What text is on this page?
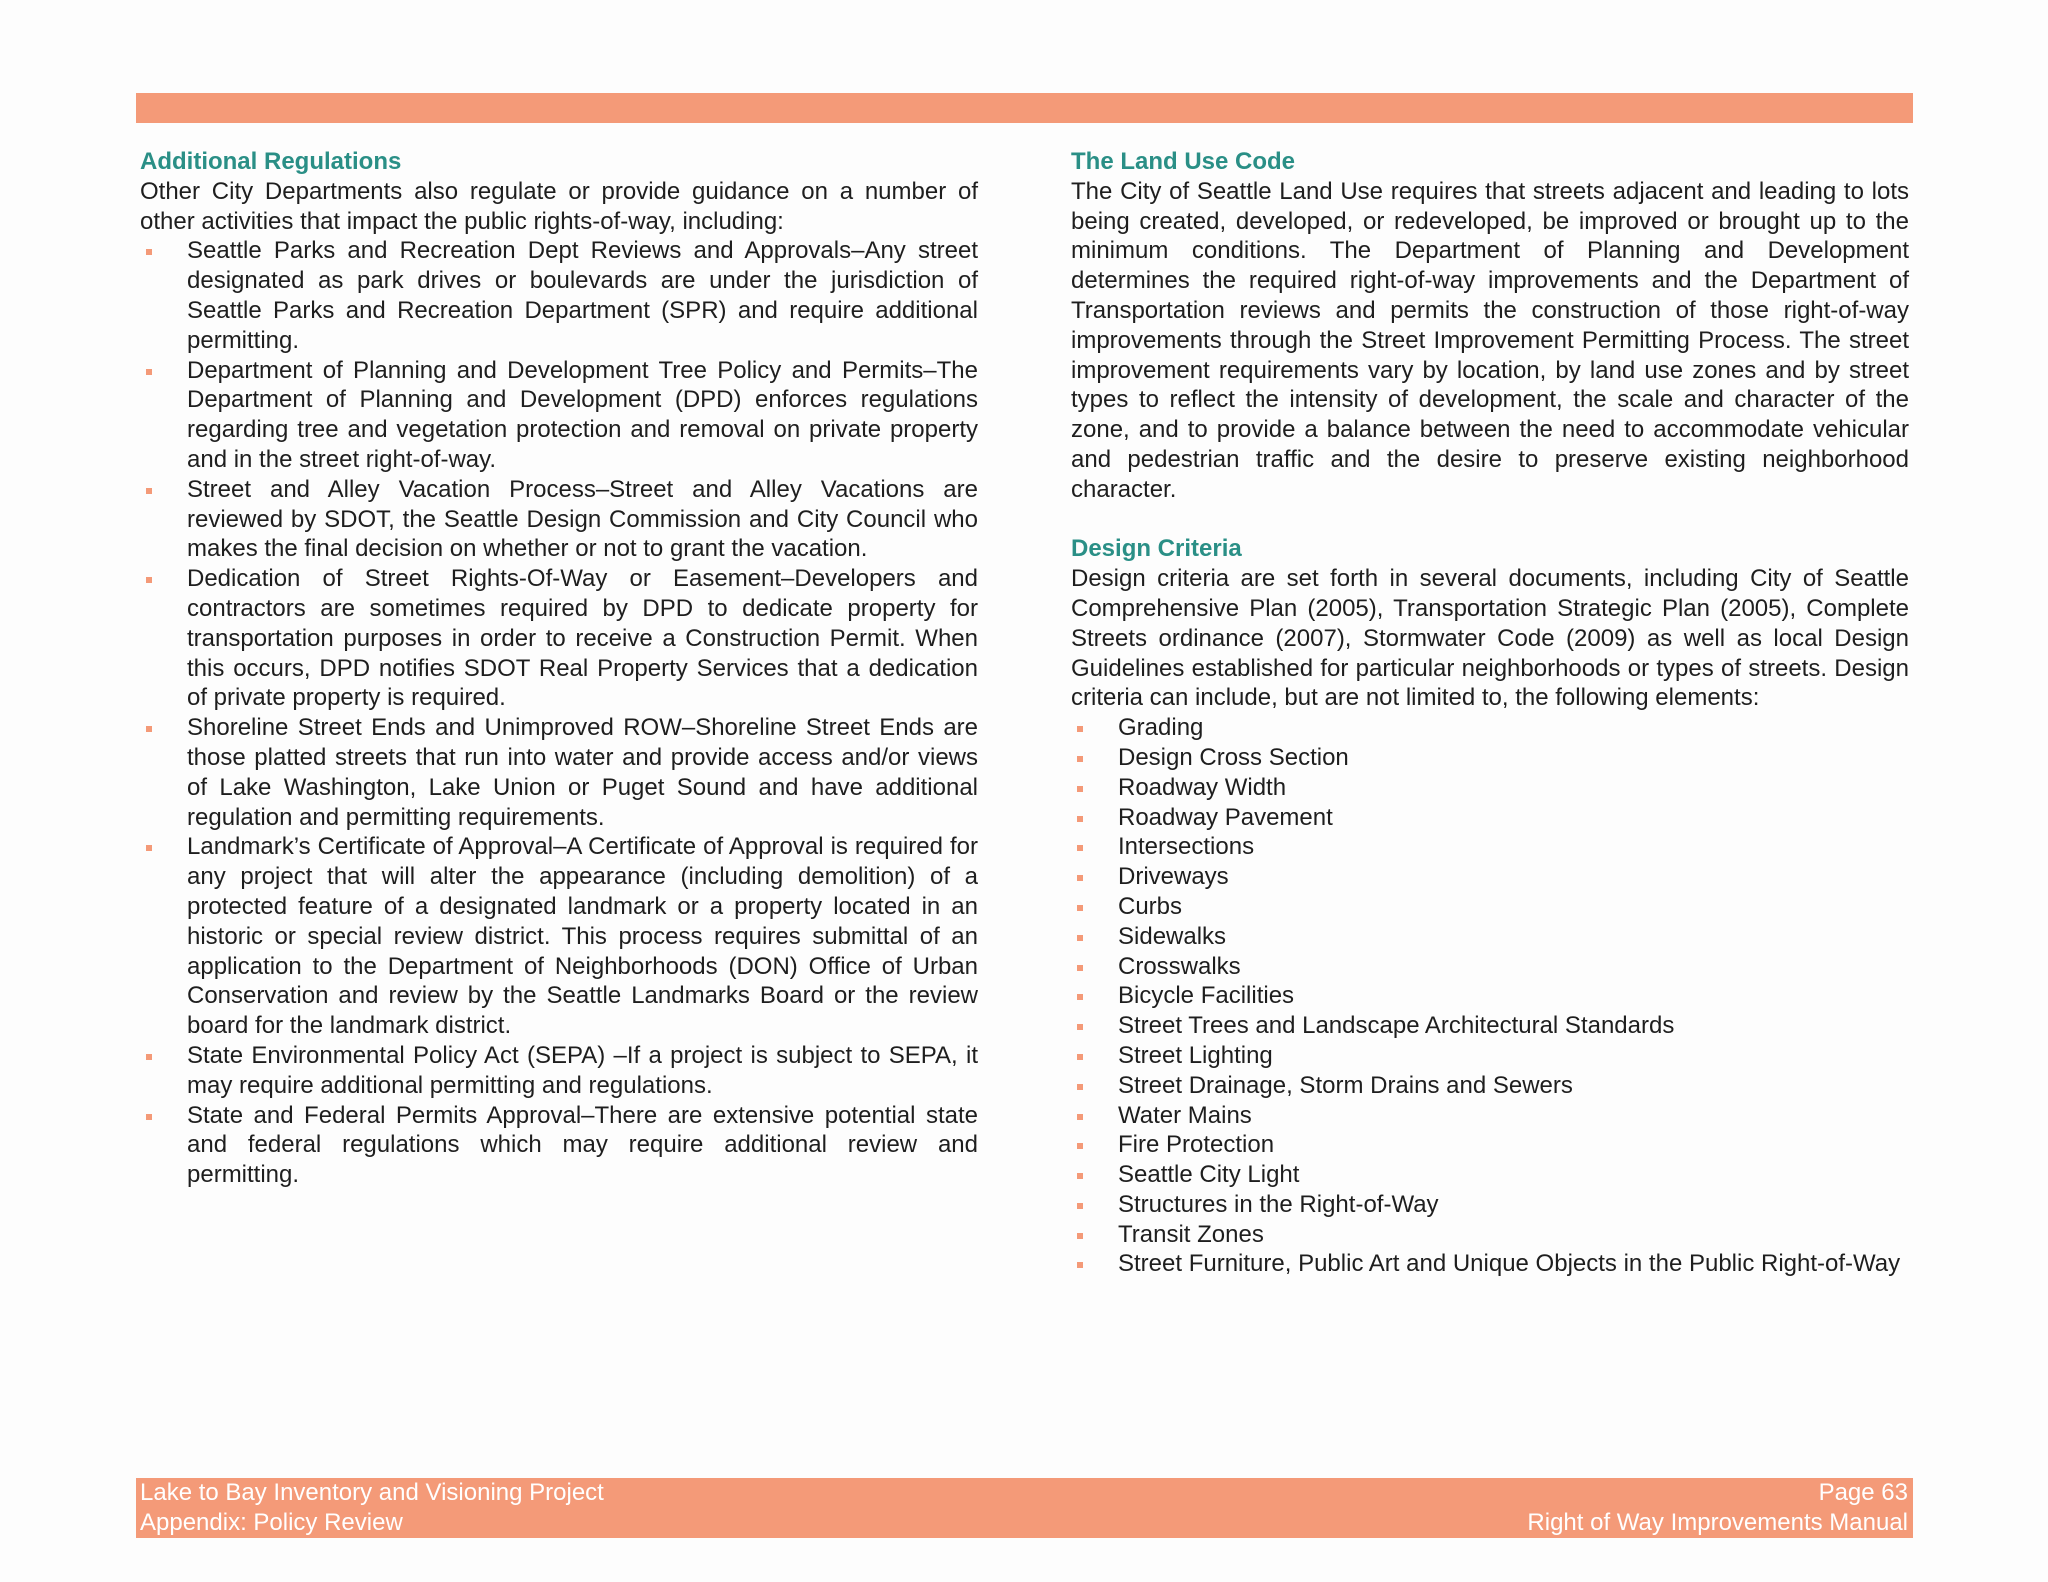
Additional Regulations

Other City Departments also regulate or provide guidance on a number of other activities that impact the public rights-of-way, including:

Seattle Parks and Recreation Dept Reviews and Approvals–Any street designated as park drives or boulevards are under the jurisdiction of Seattle Parks and Recreation Department (SPR) and require additional permitting.
Department of Planning and Development Tree Policy and Permits–The Department of Planning and Development (DPD) enforces regulations regarding tree and vegetation protection and removal on private property and in the street right-of-way.
Street and Alley Vacation Process–Street and Alley Vacations are reviewed by SDOT, the Seattle Design Commission and City Council who makes the final decision on whether or not to grant the vacation.
Dedication of Street Rights-Of-Way or Easement–Developers and contractors are sometimes required by DPD to dedicate property for transportation purposes in order to receive a Construction Permit. When this occurs, DPD notifies SDOT Real Property Services that a dedication of private property is required.
Shoreline Street Ends and Unimproved ROW–Shoreline Street Ends are those platted streets that run into water and provide access and/or views of Lake Washington, Lake Union or Puget Sound and have additional regulation and permitting requirements.
Landmark’s Certificate of Approval–A Certificate of Approval is required for any project that will alter the appearance (including demolition) of a protected feature of a designated landmark or a property located in an historic or special review district. This process requires submittal of an application to the Department of Neighborhoods (DON) Office of Urban Conservation and review by the Seattle Landmarks Board or the review board for the landmark district.
State Environmental Policy Act (SEPA) –If a project is subject to SEPA, it may require additional permitting and regulations.
State and Federal Permits Approval–There are extensive potential state and federal regulations which may require additional review and permitting.
The Land Use Code

The City of Seattle Land Use requires that streets adjacent and leading to lots being created, developed, or redeveloped, be improved or brought up to the minimum conditions. The Department of Planning and Development determines the required right-of-way improvements and the Department of Transportation reviews and permits the construction of those right-of-way improvements through the Street Improvement Permitting Process. The street improvement requirements vary by location, by land use zones and by street types to reflect the intensity of development, the scale and character of the zone, and to provide a balance between the need to accommodate vehicular and pedestrian traffic and the desire to preserve existing neighborhood character.

Design Criteria

Design criteria are set forth in several documents, including City of Seattle Comprehensive Plan (2005), Transportation Strategic Plan (2005), Complete Streets ordinance (2007), Stormwater Code (2009) as well as local Design Guidelines established for particular neighborhoods or types of streets. Design criteria can include, but are not limited to, the following elements:

Grading
Design Cross Section
Roadway Width
Roadway Pavement
Intersections
Driveways
Curbs
Sidewalks
Crosswalks
Bicycle Facilities
Street Trees and Landscape Architectural Standards
Street Lighting
Street Drainage, Storm Drains and Sewers
Water Mains
Fire Protection
Seattle City Light
Structures in the Right-of-Way
Transit Zones
Street Furniture, Public Art and Unique Objects in the Public Right-of-Way
Lake to Bay Inventory and Visioning Project
Appendix: Policy Review
Page 63
Right of Way Improvements Manual
